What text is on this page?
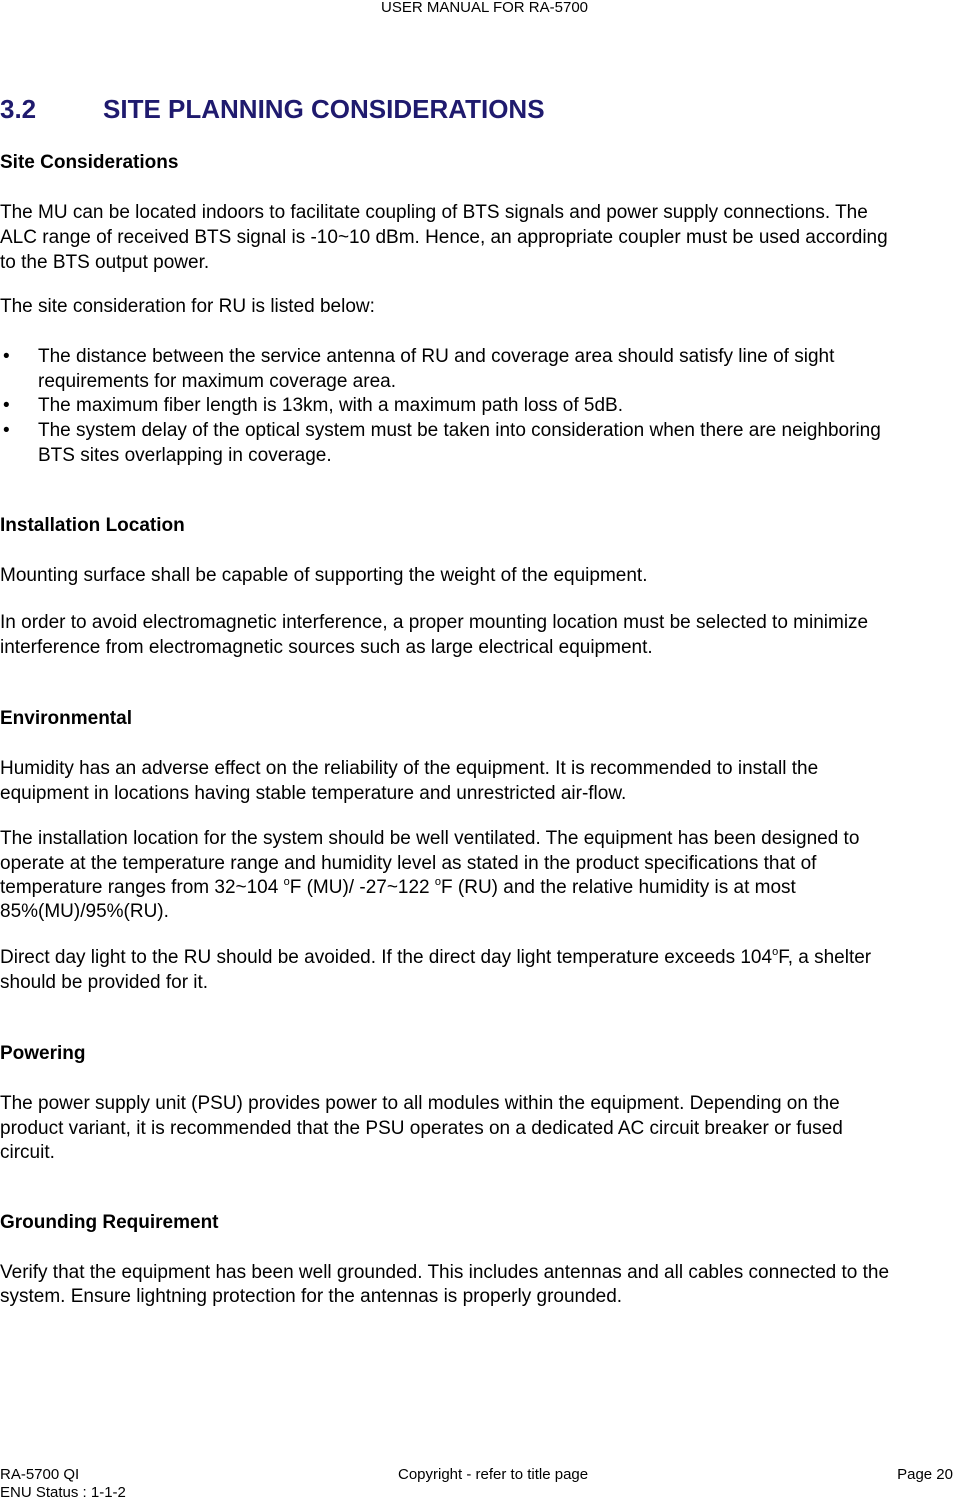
USER MANUAL FOR RA-5700
3.2	SITE PLANNING CONSIDERATIONS
Site Considerations
The MU can be located indoors to facilitate coupling of BTS signals and power supply connections. The
ALC range of received BTS signal is -10~10 dBm. Hence, an appropriate coupler must be used according
to the BTS output power.
The site consideration for RU is listed below:
• The distance between the service antenna of RU and coverage area should satisfy line of sight
requirements for maximum coverage area.
• The maximum fiber length is 13km, with a maximum path loss of 5dB.
• The system delay of the optical system must be taken into consideration when there are neighboring
BTS sites overlapping in coverage.
Installation Location
Mounting surface shall be capable of supporting the weight of the equipment.
In order to avoid electromagnetic interference, a proper mounting location must be selected to minimize
interference from electromagnetic sources such as large electrical equipment.
Environmental
Humidity has an adverse effect on the reliability of the equipment. It is recommended to install the
equipment in locations having stable temperature and unrestricted air-flow.
The installation location for the system should be well ventilated. The equipment has been designed to
operate at the temperature range and humidity level as stated in the product specifications that of
temperature ranges from 32~104 $^o$F (MU)/ -27~122 $^o$F (RU) and the relative humidity is at most
85%(MU)/95%(RU).
Direct day light to the RU should be avoided. If the direct day light temperature exceeds 104$^o$F, a shelter
should be provided for it.
Powering
The power supply unit (PSU) provides power to all modules within the equipment. Depending on the
product variant, it is recommended that the PSU operates on a dedicated AC circuit breaker or fused
circuit.
Grounding Requirement
Verify that the equipment has been well grounded. This includes antennas and all cables connected to the
system. Ensure lightning protection for the antennas is properly grounded.
RA-5700 QI	Copyright - refer to title page	Page 20
ENU Status : 1-1-2
